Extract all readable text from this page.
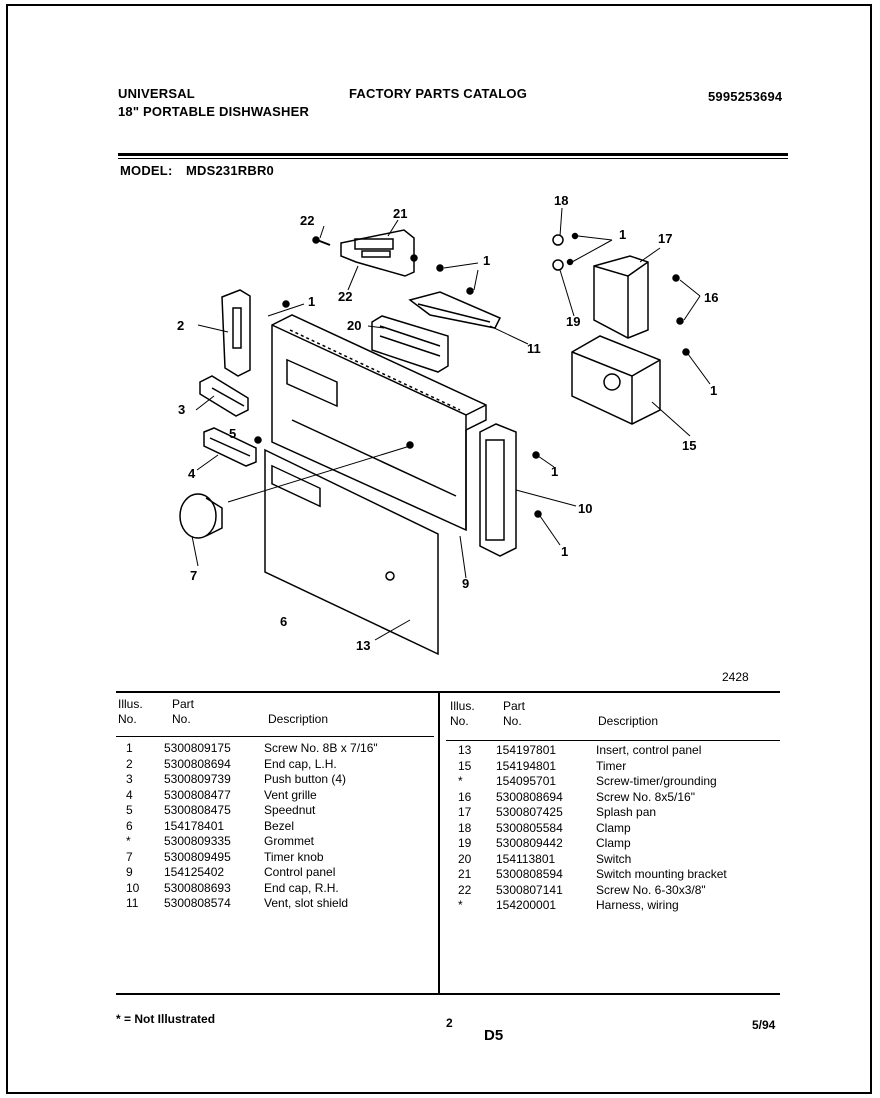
UNIVERSAL
18" PORTABLE DISHWASHER
FACTORY PARTS CATALOG	5995253694
MODEL: MDS231RBR0
22	21
22
1
1
2	20
11
3
5
4
7
6
13
9
10
1
1
18
1 17
16
19
1
15
2428
Illus.
No.
Part
No.	Description
Illus.
No.
Part
No.	Description
1	5300809175	Screw No. 8B x 7/16"
2	5300808694	End cap, L.H.
3	5300809739	Push button (4)
4	5300808477	Vent grille
5	5300808475	Speednut
6	154178401	Bezel
*	5300809335	Grommet
7	5300809495	Timer knob
9	154125402	Control panel
10	5300808693	End cap, R.H.
11	5300808574	Vent, slot shield
13	154197801	Insert, control panel
15	154194801	Timer
*	154095701	Screw-timer/grounding
16	5300808694	Screw No. 8x5/16"
17	5300807425	Splash pan
18	5300805584	Clamp
19	5300809442	Clamp
20	154113801	Switch
21	5300808594	Switch mounting bracket
22	5300807141	Screw No. 6-30x3/8"
*	154200001	Harness, wiring
* = Not Illustrated	2
D5
5/94
